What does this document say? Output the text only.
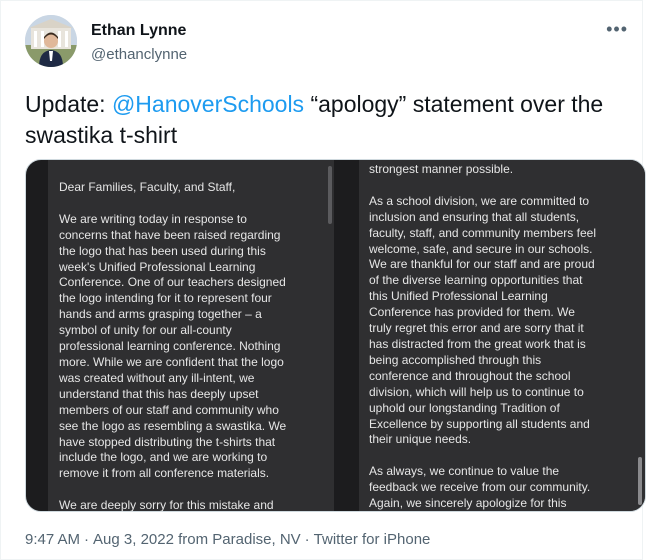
Ethan Lynne
@ethanclynne
•••
Update: @HanoverSchools “apology” statement over the swastika t-shirt
Dear Families, Faculty, and Staff,

We are writing today in response to
concerns that have been raised regarding
the logo that has been used during this
week's Unified Professional Learning
Conference. One of our teachers designed
the logo intending for it to represent four
hands and arms grasping together – a
symbol of unity for our all-county
professional learning conference. Nothing
more. While we are confident that the logo
was created without any ill-intent, we
understand that this has deeply upset
members of our staff and community who
see the logo as resembling a swastika. We
have stopped distributing the t-shirts that
include the logo, and we are working to
remove it from all conference materials.

We are deeply sorry for this mistake and
strongest manner possible.

As a school division, we are committed to
inclusion and ensuring that all students,
faculty, staff, and community members feel
welcome, safe, and secure in our schools.
We are thankful for our staff and are proud
of the diverse learning opportunities that
this Unified Professional Learning
Conference has provided for them. We
truly regret this error and are sorry that it
has distracted from the great work that is
being accomplished through this
conference and throughout the school
division, which will help us to continue to
uphold our longstanding Tradition of
Excellence by supporting all students and
their unique needs.

As always, we continue to value the
feedback we receive from our community.
Again, we sincerely apologize for this
9:47 AM · Aug 3, 2022 from Paradise, NV · Twitter for iPhone
